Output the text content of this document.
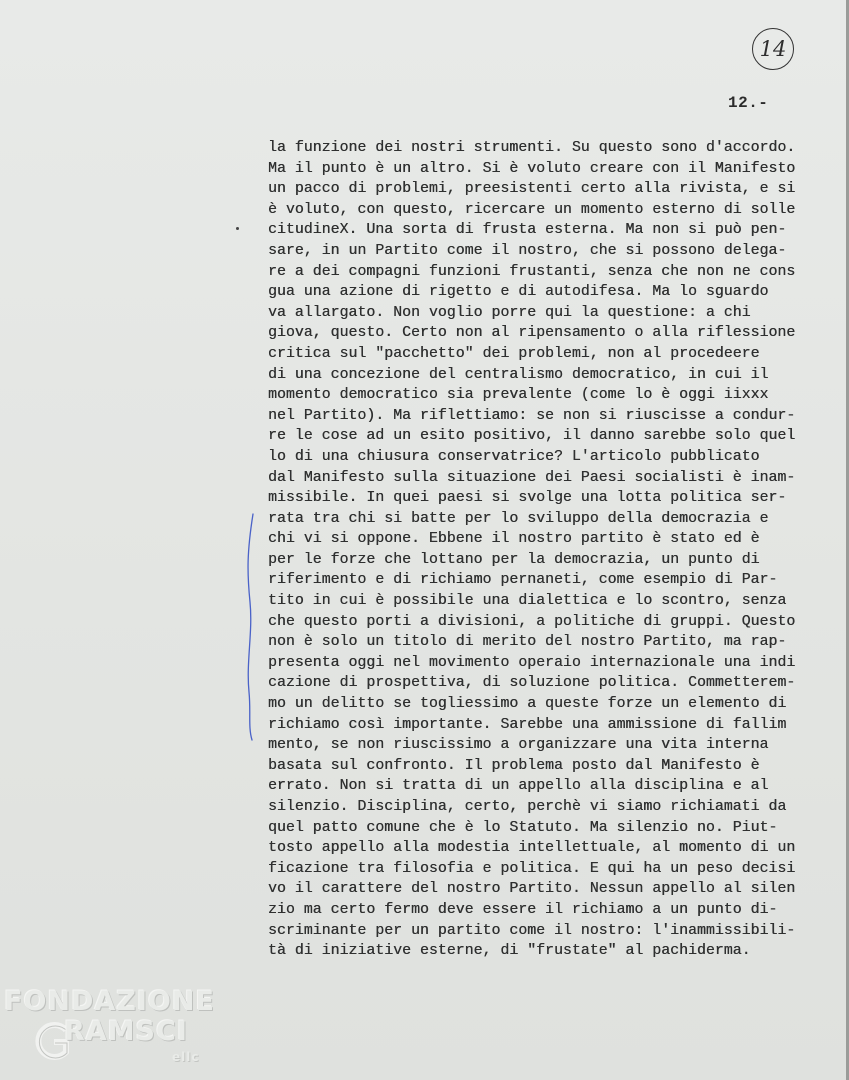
14
12.-
la funzione dei nostri strumenti. Su questo sono d'accordo.
Ma il punto è un altro. Si è voluto creare con il Manifesto
un pacco di problemi, preesistenti certo alla rivista, e si
è voluto, con questo, ricercare un momento esterno di solle
citudineX. Una sorta di frusta esterna. Ma non si può pen-
sare, in un Partito come il nostro, che si possono delega-
re a dei compagni funzioni frustanti, senza che non ne cons
gua una azione di rigetto e di autodifesa. Ma lo sguardo
va allargato. Non voglio porre qui la questione: a chi
giova, questo. Certo non al ripensamento o alla riflessione
critica sul "pacchetto" dei problemi, non al procedeere
di una concezione del centralismo democratico, in cui il
momento democratico sia prevalente (come lo è oggi iixxx
nel Partito). Ma riflettiamo: se non si riuscisse a condur-
re le cose ad un esito positivo, il danno sarebbe solo quel
lo di una chiusura conservatrice? L'articolo pubblicato
dal Manifesto sulla situazione dei Paesi socialisti è inam-
missibile. In quei paesi si svolge una lotta politica ser-
rata tra chi si batte per lo sviluppo della democrazia e
chi vi si oppone. Ebbene il nostro partito è stato ed è
per le forze che lottano per la democrazia, un punto di
riferimento e di richiamo pernaneti, come esempio di Par-
tito in cui è possibile una dialettica e lo scontro, senza
che questo porti a divisioni, a politiche di gruppi. Questo
non è solo un titolo di merito del nostro Partito, ma rap-
presenta oggi nel movimento operaio internazionale una indi
cazione di prospettiva, di soluzione politica. Commetterem-
mo un delitto se togliessimo a queste forze un elemento di
richiamo così importante. Sarebbe una ammissione di fallim
mento, se non riuscissimo a organizzare una vita interna
basata sul confronto. Il problema posto dal Manifesto è
errato. Non si tratta di un appello alla disciplina e al
silenzio. Disciplina, certo, perchè vi siamo richiamati da
quel patto comune che è lo Statuto. Ma silenzio no. Piut-
tosto appello alla modestia intellettuale, al momento di un
ficazione tra filosofia e politica. E qui ha un peso decisi
vo il carattere del nostro Partito. Nessun appello al silen
zio ma certo fermo deve essere il richiamo a un punto di-
scriminante per un partito come il nostro: l'inammissibili-
tà di iniziative esterne, di "frustate" al pachiderma.
FONDAZIONE
RAMSCI
ellc
